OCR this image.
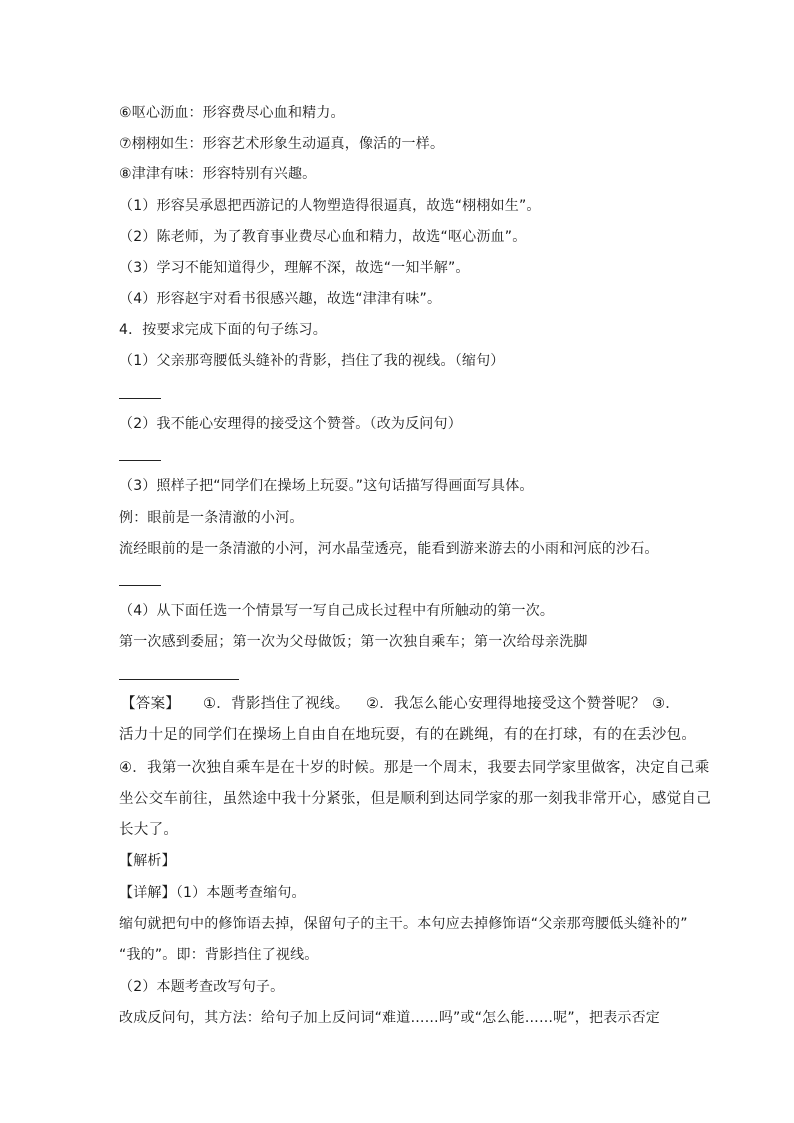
⑥呕心沥血：形容费尽心血和精力。
⑦栩栩如生：形容艺术形象生动逼真，像活的一样。
⑧津津有味：形容特别有兴趣。
（1）形容吴承恩把西游记的人物塑造得很逼真，故选“栩栩如生”。
（2）陈老师，为了教育事业费尽心血和精力，故选“呕心沥血”。
（3）学习不能知道得少，理解不深，故选“一知半解”。
（4）形容赵宇对看书很感兴趣，故选“津津有味”。
4．按要求完成下面的句子练习。
（1）父亲那弯腰低头缝补的背影，挡住了我的视线。（缩句）
（2）我不能心安理得的接受这个赞誉。（改为反问句）
（3）照样子把“同学们在操场上玩耍。”这句话描写得画面写具体。
例：眼前是一条清澈的小河。
流经眼前的是一条清澈的小河，河水晶莹透亮，能看到游来游去的小雨和河底的沙石。
（4）从下面任选一个情景写一写自己成长过程中有所触动的第一次。
第一次感到委屈；第一次为父母做饭；第一次独自乘车；第一次给母亲洗脚
【答案】 ①．背影挡住了视线。 ②．我怎么能心安理得地接受这个赞誉呢？ ③．
活力十足的同学们在操场上自由自在地玩耍，有的在跳绳，有的在打球，有的在丢沙包。
④．我第一次独自乘车是在十岁的时候。那是一个周末，我要去同学家里做客，决定自己乘
坐公交车前往，虽然途中我十分紧张，但是顺利到达同学家的那一刻我非常开心，感觉自己
长大了。
【解析】
【详解】（1）本题考查缩句。
缩句就把句中的修饰语去掉，保留句子的主干。本句应去掉修饰语“父亲那弯腰低头缝补的”
“我的”。即：背影挡住了视线。
（2）本题考查改写句子。
改成反问句，其方法：给句子加上反问词“难道……吗”或“怎么能……呢”，把表示否定
